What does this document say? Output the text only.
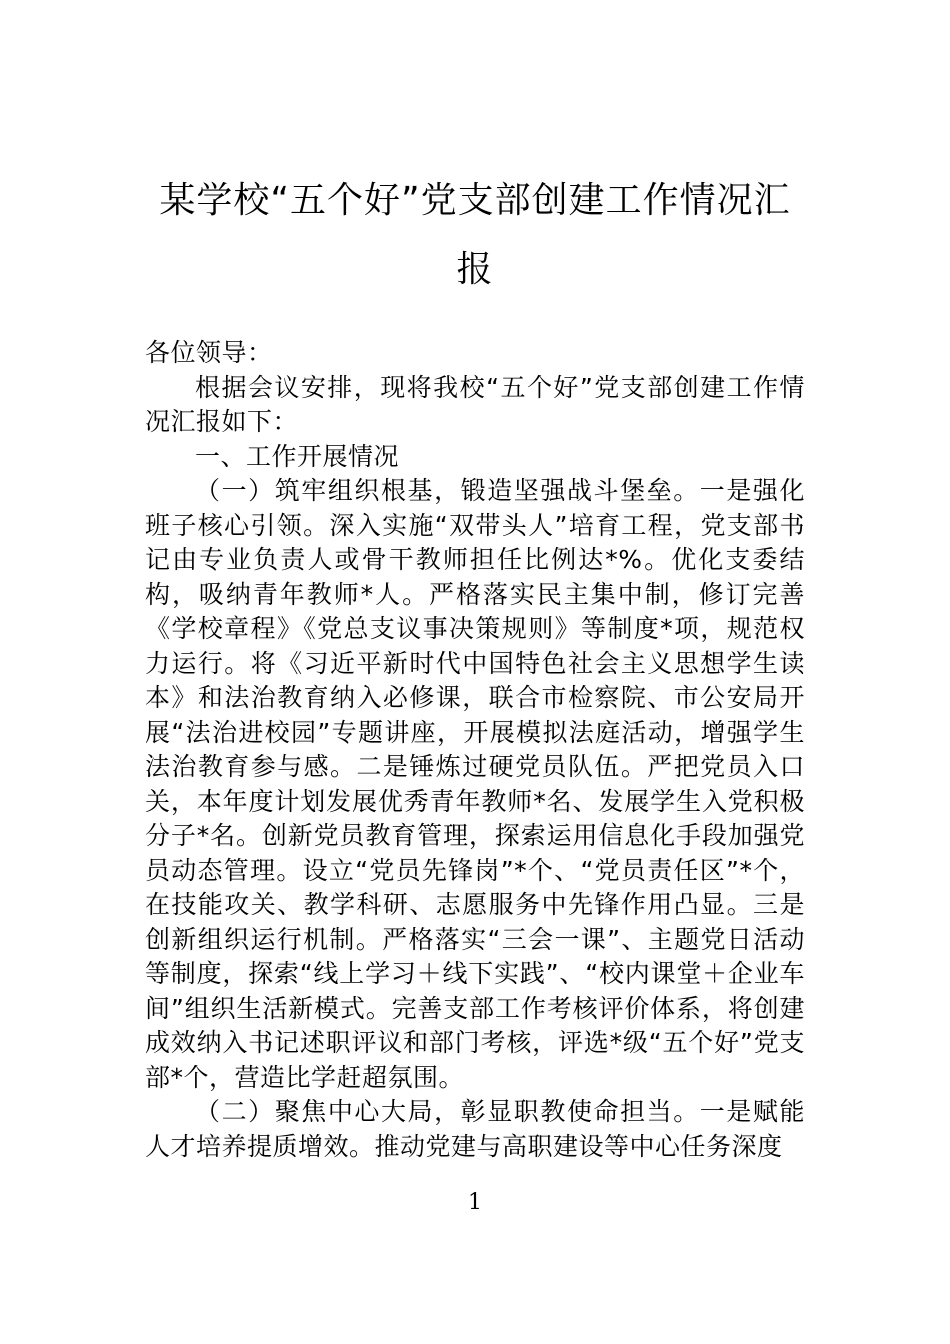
某学校“五个好”党支部创建工作情况汇报

各位领导：

根据会议安排，现将我校“五个好”党支部创建工作情况汇报如下：

一、工作开展情况

（一）筑牢组织根基，锻造坚强战斗堡垒。一是强化班子核心引领。深入实施“双带头人”培育工程，党支部书记由专业负责人或骨干教师担任比例达*%。优化支委结构，吸纳青年教师*人。严格落实民主集中制，修订完善《学校章程》《党总支议事决策规则》等制度*项，规范权力运行。将《习近平新时代中国特色社会主义思想学生读本》和法治教育纳入必修课，联合市检察院、市公安局开展“法治进校园”专题讲座，开展模拟法庭活动，增强学生法治教育参与感。二是锤炼过硬党员队伍。严把党员入口关，本年度计划发展优秀青年教师*名、发展学生入党积极分子*名。创新党员教育管理，探索运用信息化手段加强党员动态管理。设立“党员先锋岗”*个、“党员责任区”*个，在技能攻关、教学科研、志愿服务中先锋作用凸显。三是创新组织运行机制。严格落实“三会一课”、主题党日活动等制度，探索“线上学习＋线下实践”、“校内课堂＋企业车间”组织生活新模式。完善支部工作考核评价体系，将创建成效纳入书记述职评议和部门考核，评选*级“五个好”党支部*个，营造比学赶超氛围。

（二）聚焦中心大局，彰显职教使命担当。一是赋能人才培养提质增效。推动党建与高职建设等中心任务深度

1
